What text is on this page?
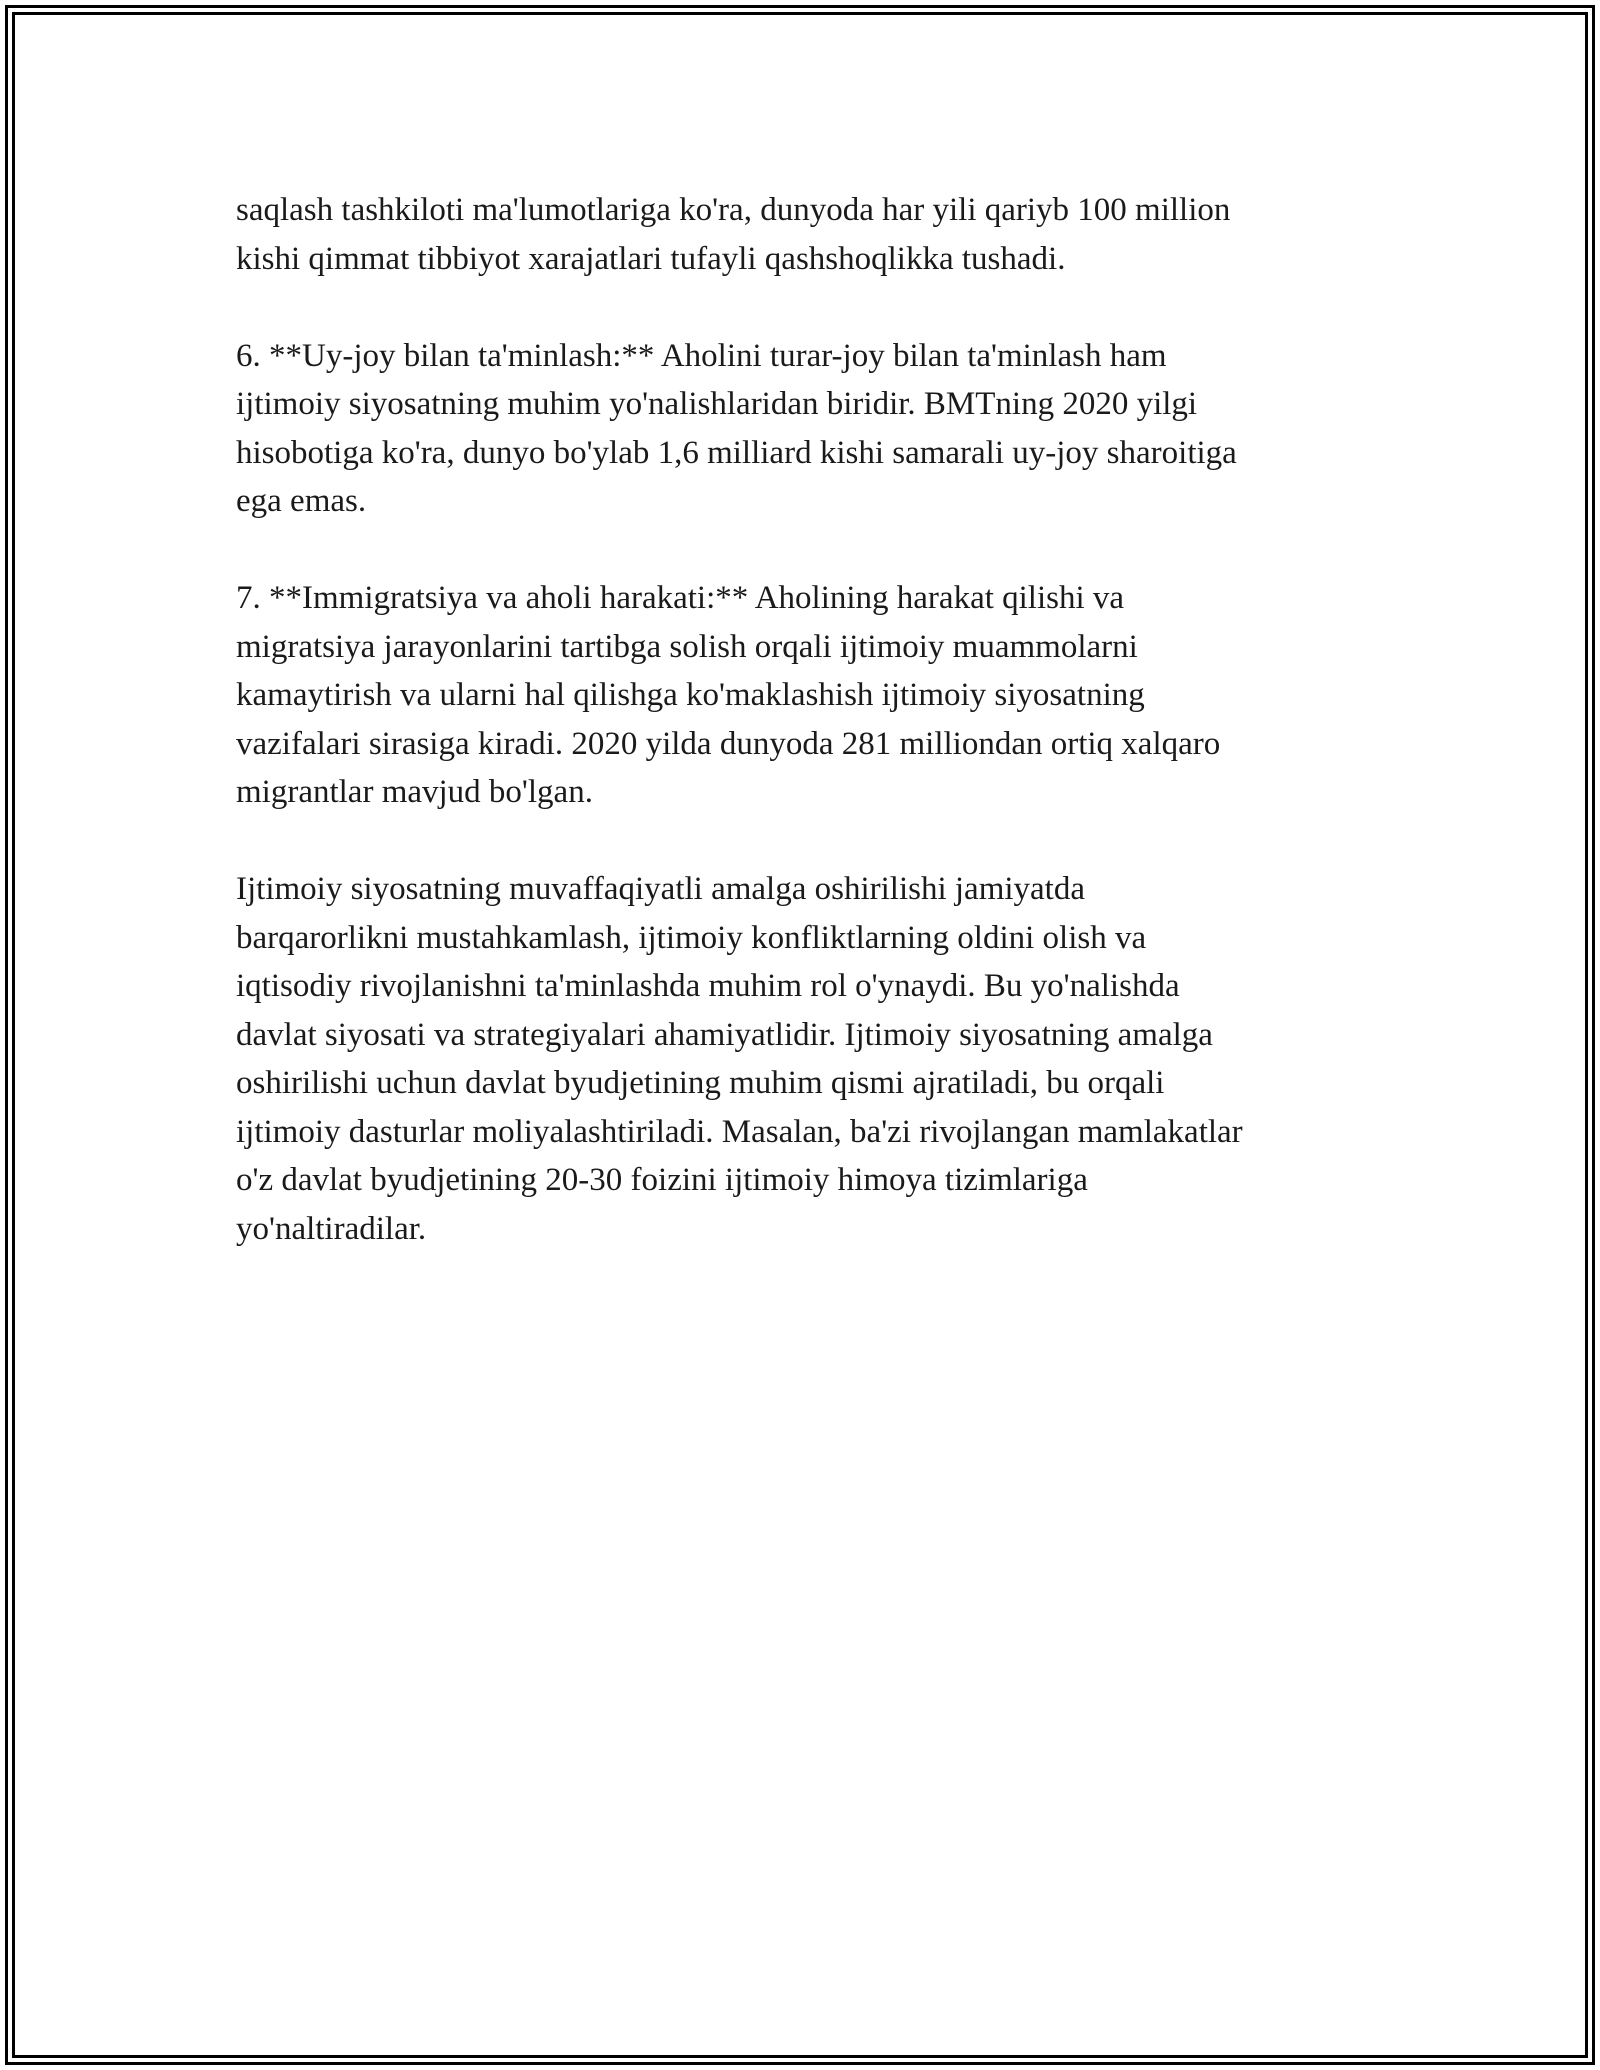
saqlash tashkiloti ma'lumotlariga ko'ra, dunyoda har yili qariyb 100 million
kishi qimmat tibbiyot xarajatlari tufayli qashshoqlikka tushadi.

6. **Uy-joy bilan ta'minlash:** Aholini turar-joy bilan ta'minlash ham
ijtimoiy siyosatning muhim yo'nalishlaridan biridir. BMTning 2020 yilgi
hisobotiga ko'ra, dunyo bo'ylab 1,6 milliard kishi samarali uy-joy sharoitiga
ega emas.

7. **Immigratsiya va aholi harakati:** Aholining harakat qilishi va
migratsiya jarayonlarini tartibga solish orqali ijtimoiy muammolarni
kamaytirish va ularni hal qilishga ko'maklashish ijtimoiy siyosatning
vazifalari sirasiga kiradi. 2020 yilda dunyoda 281 milliondan ortiq xalqaro
migrantlar mavjud bo'lgan.

Ijtimoiy siyosatning muvaffaqiyatli amalga oshirilishi jamiyatda
barqarorlikni mustahkamlash, ijtimoiy konfliktlarning oldini olish va
iqtisodiy rivojlanishni ta'minlashda muhim rol o'ynaydi. Bu yo'nalishda
davlat siyosati va strategiyalari ahamiyatlidir. Ijtimoiy siyosatning amalga
oshirilishi uchun davlat byudjetining muhim qismi ajratiladi, bu orqali
ijtimoiy dasturlar moliyalashtiriladi. Masalan, ba'zi rivojlangan mamlakatlar
o'z davlat byudjetining 20-30 foizini ijtimoiy himoya tizimlariga
yo'naltiradilar.
